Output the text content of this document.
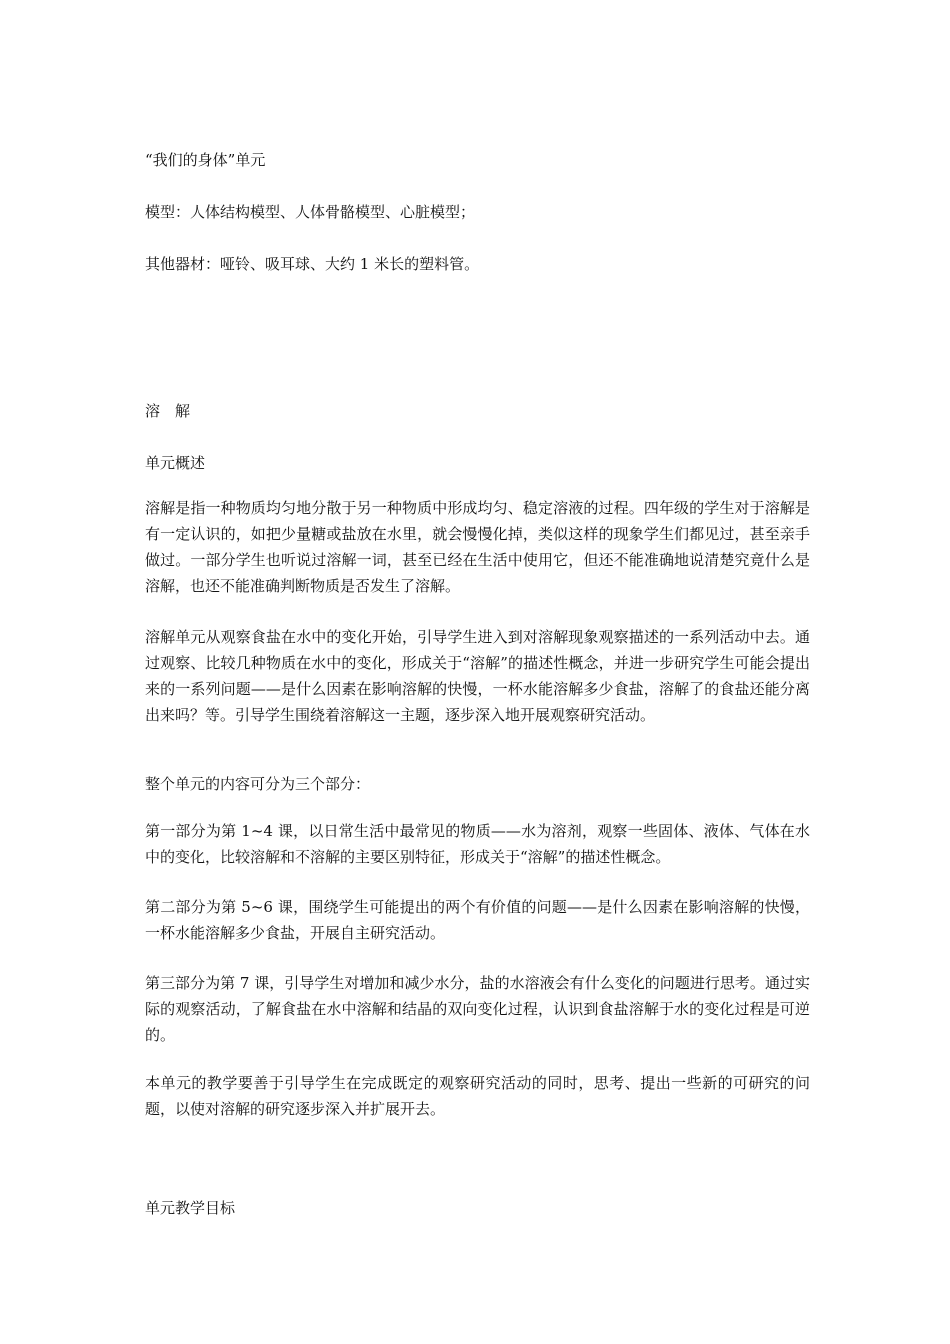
“我们的身体”单元
模型：人体结构模型、人体骨骼模型、心脏模型；
其他器材：哑铃、吸耳球、大约 1 米长的塑料管。
溶　解
单元概述
溶解是指一种物质均匀地分散于另一种物质中形成均匀、稳定溶液的过程。四年级的学生对于溶解是有一定认识的，如把少量糖或盐放在水里，就会慢慢化掉，类似这样的现象学生们都见过，甚至亲手做过。一部分学生也听说过溶解一词，甚至已经在生活中使用它，但还不能准确地说清楚究竟什么是溶解，也还不能准确判断物质是否发生了溶解。
溶解单元从观察食盐在水中的变化开始，引导学生进入到对溶解现象观察描述的一系列活动中去。通过观察、比较几种物质在水中的变化，形成关于“溶解”的描述性概念，并进一步研究学生可能会提出来的一系列问题——是什么因素在影响溶解的快慢，一杯水能溶解多少食盐，溶解了的食盐还能分离出来吗？等。引导学生围绕着溶解这一主题，逐步深入地开展观察研究活动。
整个单元的内容可分为三个部分：
第一部分为第 1~4 课，以日常生活中最常见的物质——水为溶剂，观察一些固体、液体、气体在水中的变化，比较溶解和不溶解的主要区别特征，形成关于“溶解”的描述性概念。
第二部分为第 5~6 课，围绕学生可能提出的两个有价值的问题——是什么因素在影响溶解的快慢，一杯水能溶解多少食盐，开展自主研究活动。
第三部分为第 7 课，引导学生对增加和减少水分，盐的水溶液会有什么变化的问题进行思考。通过实际的观察活动，了解食盐在水中溶解和结晶的双向变化过程，认识到食盐溶解于水的变化过程是可逆的。
本单元的教学要善于引导学生在完成既定的观察研究活动的同时，思考、提出一些新的可研究的问题，以使对溶解的研究逐步深入并扩展开去。
单元教学目标
